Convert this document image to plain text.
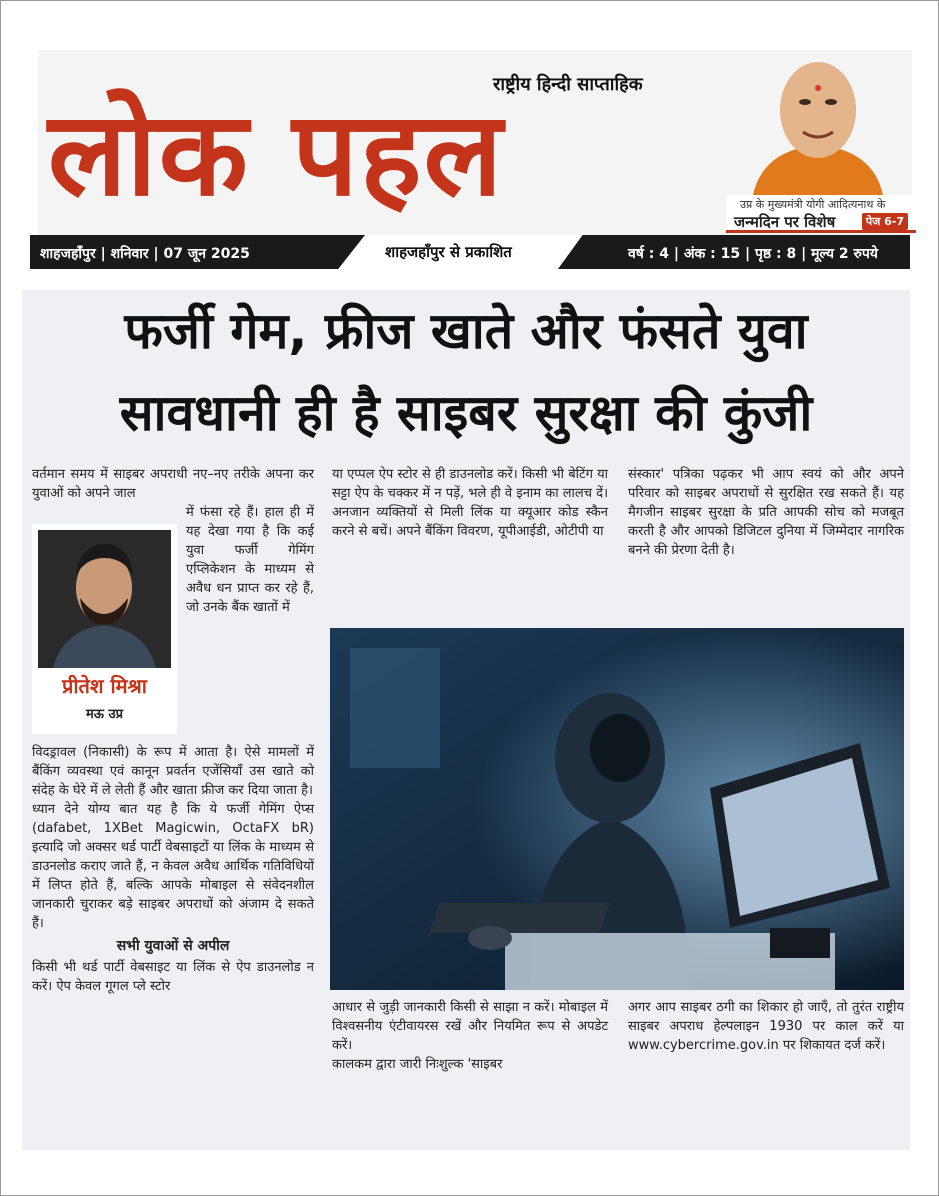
राष्ट्रीय हिन्दी साप्ताहिक
लोक पहल	उप्र के मुख्यमंत्री योगी आदित्यनाथ के
जन्मदिन पर विशेष	पेज 6-7
शाहजहाँपुर | शनिवार | 07 जून 2025	शाहजहाँपुर से प्रकाशित	वर्ष : 4 | अंक : 15 | पृष्ठ : 8 | मूल्य 2 रुपये
फर्जी गेम, फ्रीज खाते और फंसते युवा
सावधानी ही है साइबर सुरक्षा की कुंजी

वर्तमान समय में साइबर अपराधी नए–नए तरीके अपना कर युवाओं को अपने जाल

प्रीतेश मिश्रा
मऊ उप्र

में फंसा रहे हैं। हाल ही में यह देखा गया है कि कई युवा फर्जी गेमिंग एप्लिकेशन के माध्यम से अवैध धन प्राप्त कर रहे हैं, जो उनके बैंक खातों में

विदड्रावल (निकासी) के रूप में आता है। ऐसे मामलों में बैंकिंग व्यवस्था एवं कानून प्रवर्तन एजेंसियाँ उस खाते को संदेह के घेरे में ले लेती हैं और खाता फ्रीज कर दिया जाता है।

ध्यान देने योग्य बात यह है कि ये फर्जी गेमिंग ऐप्स (dafabet, 1XBet Magicwin, OctaFX bR) इत्यादि जो अक्सर थर्ड पार्टी वेबसाइटों या लिंक के माध्यम से डाउनलोड कराए जाते हैं, न केवल अवैध आर्थिक गतिविधियों में लिप्त होते हैं, बल्कि आपके मोबाइल से संवेदनशील जानकारी चुराकर बड़े साइबर अपराधों को अंजाम दे सकते हैं।

सभी युवाओं से अपील

किसी भी थर्ड पार्टी वेबसाइट या लिंक से ऐप डाउनलोड न करें। ऐप केवल गूगल प्ले स्टोर

या एप्पल ऐप स्टोर से ही डाउनलोड करें। किसी भी बेटिंग या सट्टा ऐप के चक्कर में न पड़ें, भले ही वे इनाम का लालच दें। अनजान व्यक्तियों से मिली लिंक या क्यूआर कोड स्कैन करने से बचें। अपने बैंकिंग विवरण, यूपीआईडी, ओटीपी या

संस्कार' पत्रिका पढ़कर भी आप स्वयं को और अपने परिवार को साइबर अपराधों से सुरक्षित रख सकते हैं। यह मैगजीन साइबर सुरक्षा के प्रति आपकी सोच को मजबूत करती है और आपको डिजिटल दुनिया में जिम्मेदार नागरिक बनने की प्रेरणा देती है।

आधार से जुड़ी जानकारी किसी से साझा न करें। मोबाइल में विश्वसनीय एंटीवायरस रखें और नियमित रूप से अपडेट करें।

कालकम द्वारा जारी निःशुल्क 'साइबर

अगर आप साइबर ठगी का शिकार हो जाएँ, तो तुरंत राष्ट्रीय साइबर अपराध हेल्पलाइन 1930 पर काल करें या www.cybercrime.gov.in पर शिकायत दर्ज करें।
